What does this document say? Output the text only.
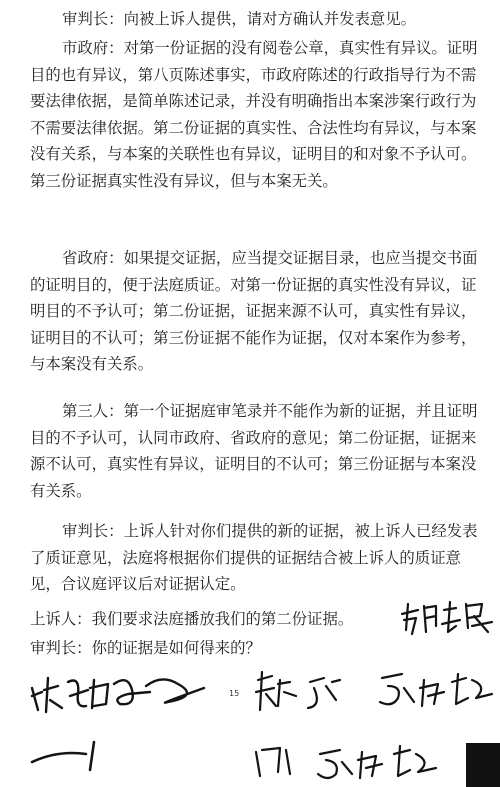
审判长：向被上诉人提供，请对方确认并发表意见。

市政府：对第一份证据的没有阅卷公章，真实性有异议。证明目的也有异议，第八页陈述事实，市政府陈述的行政指导行为不需要法律依据，是简单陈述记录，并没有明确指出本案涉案行政行为不需要法律依据。第二份证据的真实性、合法性均有异议，与本案没有关系，与本案的关联性也有异议，证明目的和对象不予认可。第三份证据真实性没有异议，但与本案无关。

省政府：如果提交证据，应当提交证据目录，也应当提交书面的证明目的，便于法庭质证。对第一份证据的真实性没有异议，证明目的不予认可；第二份证据，证据来源不认可，真实性有异议，证明目的不认可；第三份证据不能作为证据，仅对本案作为参考，与本案没有关系。

第三人：第一个证据庭审笔录并不能作为新的证据，并且证明目的不予认可，认同市政府、省政府的意见；第二份证据，证据来源不认可，真实性有异议，证明目的不认可；第三份证据与本案没有关系。

审判长：上诉人针对你们提供的新的证据，被上诉人已经发表了质证意见，法庭将根据你们提供的证据结合被上诉人的质证意见，合议庭评议后对证据认定。

上诉人：我们要求法庭播放我们的第二份证据。

审判长：你的证据是如何得来的？

15
